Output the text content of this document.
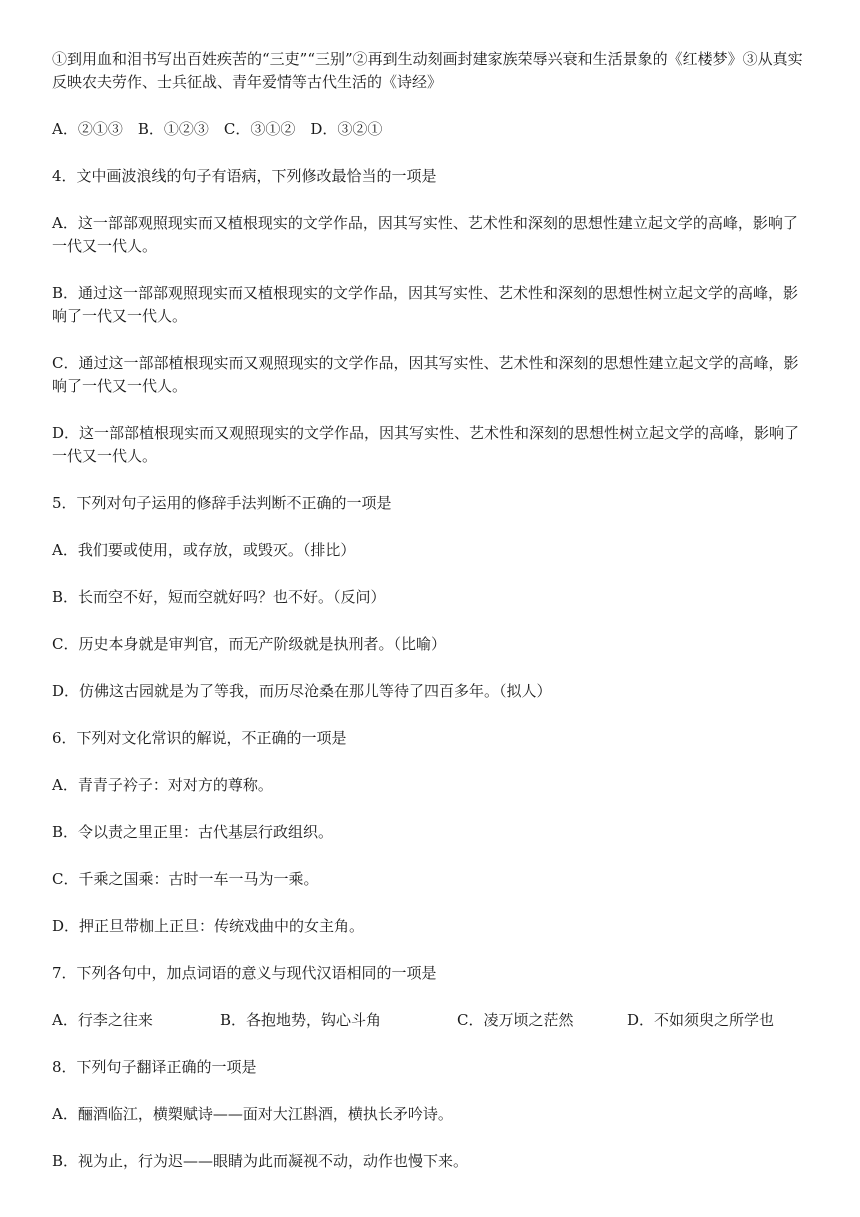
①到用血和泪书写出百姓疾苦的“三吏”“三别”②再到生动刻画封建家族荣辱兴衰和生活景象的《红楼梦》③从真实反映农夫劳作、士兵征战、青年爱情等古代生活的《诗经》

A．②①③　B．①②③　C．③①②　D．③②①

4．文中画波浪线的句子有语病，下列修改最恰当的一项是

A．这一部部观照现实而又植根现实的文学作品，因其写实性、艺术性和深刻的思想性建立起文学的高峰，影响了一代又一代人。

B．通过这一部部观照现实而又植根现实的文学作品，因其写实性、艺术性和深刻的思想性树立起文学的高峰，影响了一代又一代人。

C．通过这一部部植根现实而又观照现实的文学作品，因其写实性、艺术性和深刻的思想性建立起文学的高峰，影响了一代又一代人。

D．这一部部植根现实而又观照现实的文学作品，因其写实性、艺术性和深刻的思想性树立起文学的高峰，影响了一代又一代人。

5．下列对句子运用的修辞手法判断不正确的一项是

A．我们要或使用，或存放，或毁灭。（排比）

B．长而空不好，短而空就好吗？也不好。（反问）

C．历史本身就是审判官，而无产阶级就是执刑者。（比喻）

D．仿佛这古园就是为了等我，而历尽沧桑在那儿等待了四百多年。（拟人）

6．下列对文化常识的解说，不正确的一项是

A．青青子衿子：对对方的尊称。

B．令以责之里正里：古代基层行政组织。

C．千乘之国乘：古时一车一马为一乘。

D．押正旦带枷上正旦：传统戏曲中的女主角。

7．下列各句中，加点词语的意义与现代汉语相同的一项是

A．行李之往来	B．各抱地势，钩心斗角	C．凌万顷之茫然	D．不如须臾之所学也

8．下列句子翻译正确的一项是

A．酾酒临江，横槊赋诗——面对大江斟酒，横执长矛吟诗。

B．视为止，行为迟——眼睛为此而凝视不动，动作也慢下来。
